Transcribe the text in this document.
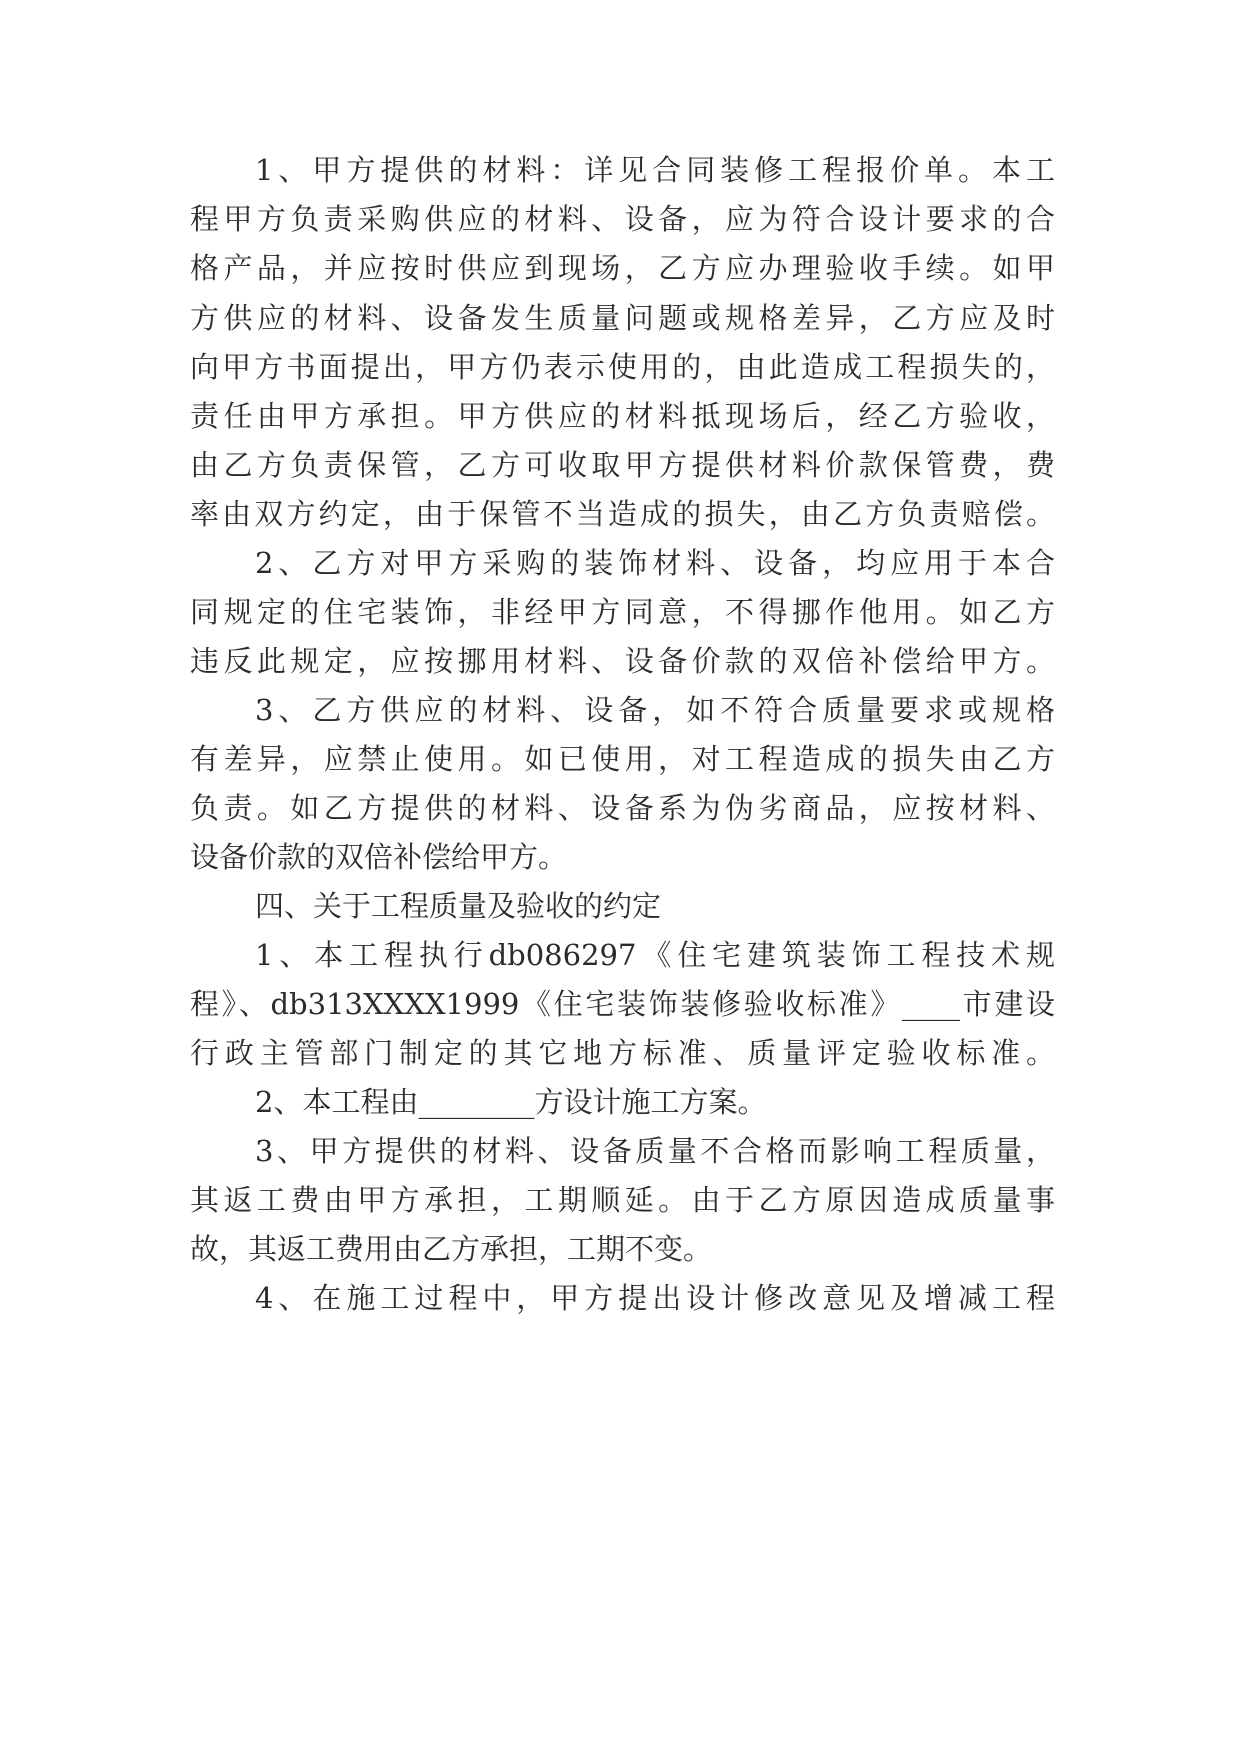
1、甲方提供的材料：详见合同装修工程报价单。本工
程甲方负责采购供应的材料、设备，应为符合设计要求的合
格产品，并应按时供应到现场，乙方应办理验收手续。如甲
方供应的材料、设备发生质量问题或规格差异，乙方应及时
向甲方书面提出，甲方仍表示使用的，由此造成工程损失的，
责任由甲方承担。甲方供应的材料抵现场后，经乙方验收，
由乙方负责保管，乙方可收取甲方提供材料价款保管费，费
率由双方约定，由于保管不当造成的损失，由乙方负责赔偿。
2、乙方对甲方采购的装饰材料、设备，均应用于本合
同规定的住宅装饰，非经甲方同意，不得挪作他用。如乙方
违反此规定，应按挪用材料、设备价款的双倍补偿给甲方。
3、乙方供应的材料、设备，如不符合质量要求或规格
有差异，应禁止使用。如已使用，对工程造成的损失由乙方
负责。如乙方提供的材料、设备系为伪劣商品，应按材料、
设备价款的双倍补偿给甲方。
四、关于工程质量及验收的约定
1、本工程执行db086297《住宅建筑装饰工程技术规
程》、db313XXXX1999《住宅装饰装修验收标准》____市建设
行政主管部门制定的其它地方标准、质量评定验收标准。
2、本工程由________方设计施工方案。
3、甲方提供的材料、设备质量不合格而影响工程质量，
其返工费由甲方承担，工期顺延。由于乙方原因造成质量事
故，其返工费用由乙方承担，工期不变。
4、在施工过程中，甲方提出设计修改意见及增减工程
